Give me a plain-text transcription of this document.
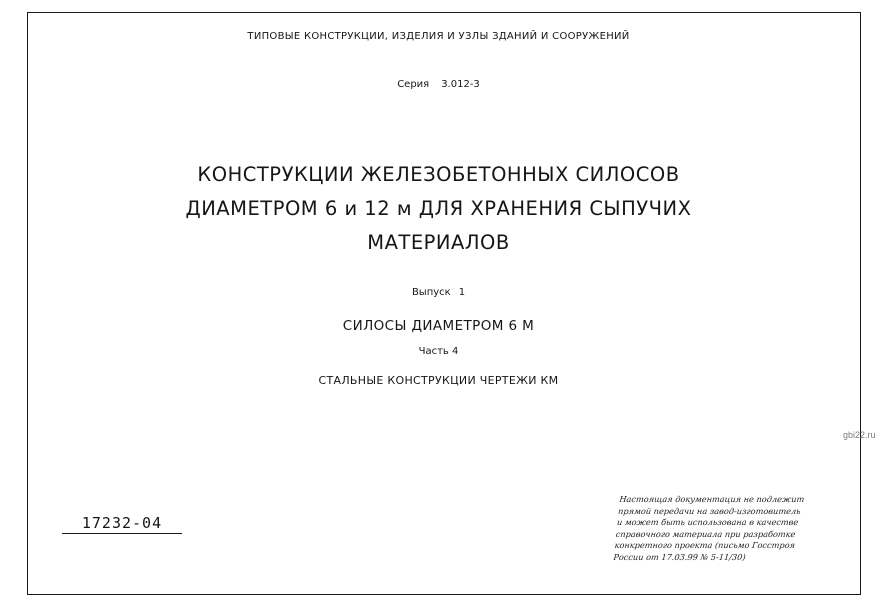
ТИПОВЫЕ КОНСТРУКЦИИ, ИЗДЕЛИЯ И УЗЛЫ ЗДАНИЙ И СООРУЖЕНИЙ
Серия 3.012-3
КОНСТРУКЦИИ ЖЕЛЕЗОБЕТОННЫХ СИЛОСОВ
ДИАМЕТРОМ 6 и 12 м ДЛЯ ХРАНЕНИЯ СЫПУЧИХ
МАТЕРИАЛОВ
Выпуск 1
СИЛОСЫ ДИАМЕТРОМ 6 М
Часть 4
СТАЛЬНЫЕ КОНСТРУКЦИИ ЧЕРТЕЖИ КМ
17232-04
Настоящая документация не подлежит
прямой передачи на завод-изготовитель
и может быть использована в качестве
справочного материала при разработке
конкретного проекта (письмо Госстроя
России от 17.03.99 № 5-11/30)
gbi22.ru
